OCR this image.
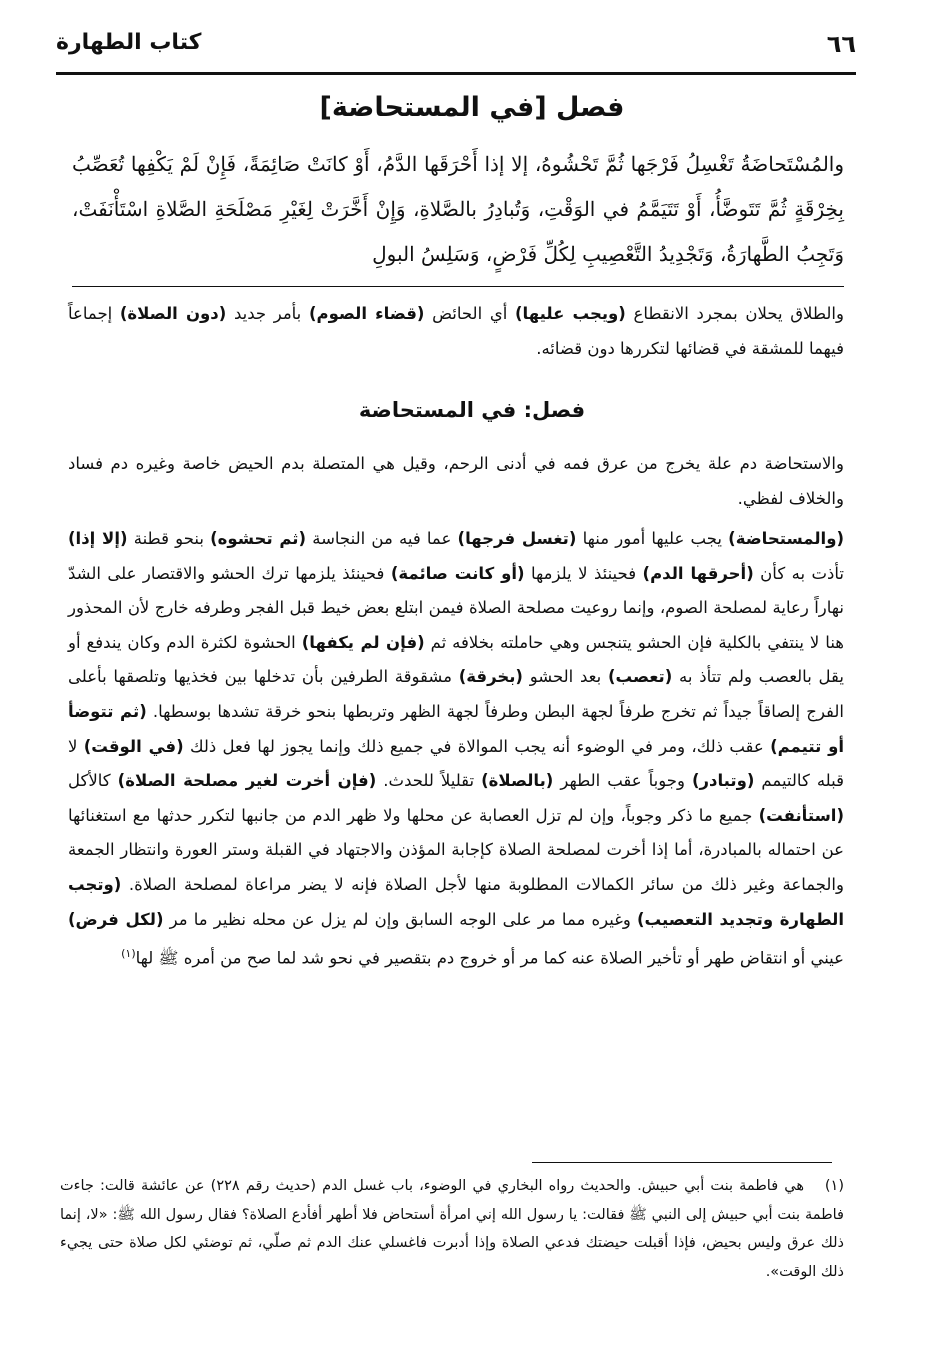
٦٦
كتاب الطهارة
فصل [في المستحاضة]
والمُسْتَحاضَةُ تَغْسِلُ فَرْجَها ثُمَّ تَحْشُوهُ، إلا إذا أَحْرَقَها الدَّمُ، أَوْ كانَتْ صَائِمَةً، فَإِنْ لَمْ يَكْفِها تُعَصِّبُ بِخِرْقَةٍ ثُمَّ تَتَوضَّأُ، أَوْ تَتَيَمَّمُ في الوَقْتِ، وَتُبادِرُ بالصَّلاةِ، وَإِنْ أَخَّرَتْ لِغَيْرِ مَصْلَحَةِ الصَّلاةِ اسْتَأْنَفَتْ، وَتَجِبُ الطَّهارَةُ، وَتَجْدِيدُ التَّعْصِيبِ لِكُلِّ فَرْضٍ، وَسَلِسُ البولِ
والطلاق يحلان بمجرد الانقطاع (ويجب عليها) أي الحائض (قضاء الصوم) بأمر جديد (دون الصلاة) إجماعاً فيهما للمشقة في قضائها لتكررها دون قضائه.
فصل: في المستحاضة
والاستحاضة دم علة يخرج من عرق فمه في أدنى الرحم، وقيل هي المتصلة بدم الحيض خاصة وغيره دم فساد والخلاف لفظي.
(والمستحاضة) يجب عليها أمور منها (تغسل فرجها) عما فيه من النجاسة (ثم تحشوه) بنحو قطنة (إلا إذا) تأذت به كأن (أحرقها الدم) فحينئذ لا يلزمها (أو كانت صائمة) فحينئذ يلزمها ترك الحشو والاقتصار على الشدّ نهاراً رعاية لمصلحة الصوم، وإنما روعيت مصلحة الصلاة فيمن ابتلع بعض خيط قبل الفجر وطرفه خارج لأن المحذور هنا لا ينتفي بالكلية فإن الحشو يتنجس وهي حاملته بخلافه ثم (فإن لم يكفها) الحشوة لكثرة الدم وكان يندفع أو يقل بالعصب ولم تتأذ به (تعصب) بعد الحشو (بخرقة) مشقوقة الطرفين بأن تدخلها بين فخذيها وتلصقها بأعلى الفرج إلصاقاً جيداً ثم تخرج طرفاً لجهة البطن وطرفاً لجهة الظهر وتربطها بنحو خرقة تشدها بوسطها. (ثم تتوضأ أو تتيمم) عقب ذلك، ومر في الوضوء أنه يجب الموالاة في جميع ذلك وإنما يجوز لها فعل ذلك (في الوقت) لا قبله كالتيمم (وتبادر) وجوباً عقب الطهر (بالصلاة) تقليلاً للحدث. (فإن أخرت لغير مصلحة الصلاة) كالأكل (استأنفت) جميع ما ذكر وجوباً، وإن لم تزل العصابة عن محلها ولا ظهر الدم من جانبها لتكرر حدثها مع استغنائها عن احتماله بالمبادرة، أما إذا أخرت لمصلحة الصلاة كإجابة المؤذن والاجتهاد في القبلة وستر العورة وانتظار الجمعة والجماعة وغير ذلك من سائر الكمالات المطلوبة منها لأجل الصلاة فإنه لا يضر مراعاة لمصلحة الصلاة. (وتجب الطهارة وتجديد التعصيب) وغيره مما مر على الوجه السابق وإن لم يزل عن محله نظير ما مر (لكل فرض) عيني أو انتقاض طهر أو تأخير الصلاة عنه كما مر أو خروج دم بتقصير في نحو شد لما صح من أمره ﷺ لها$^{(١)}$
(١)هي فاطمة بنت أبي حبيش. والحديث رواه البخاري في الوضوء، باب غسل الدم (حديث رقم ٢٢٨) عن عائشة قالت: جاءت فاطمة بنت أبي حبيش إلى النبي ﷺ فقالت: يا رسول الله إني امرأة أستحاض فلا أطهر أفأدع الصلاة؟ فقال رسول الله ﷺ: «لا، إنما ذلك عرق وليس بحيض، فإذا أقبلت حيضتك فدعي الصلاة وإذا أدبرت فاغسلي عنك الدم ثم صلّي، ثم توضئي لكل صلاة حتى يجيء ذلك الوقت».
